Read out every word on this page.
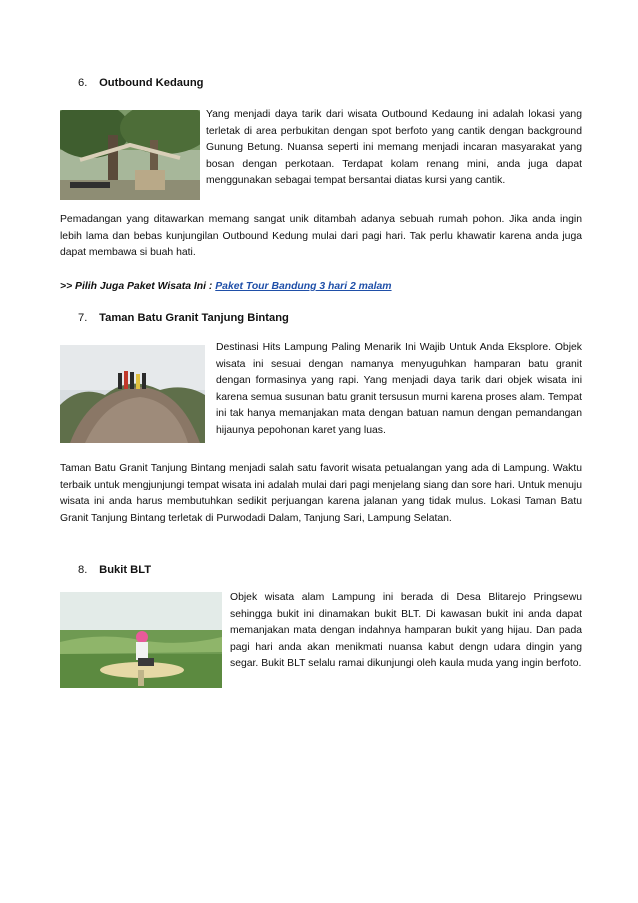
6. Outbound Kedaung
Yang menjadi daya tarik dari wisata Outbound Kedaung ini adalah lokasi yang terletak di area perbukitan dengan spot berfoto yang cantik dengan background Gunung Betung. Nuansa seperti ini memang menjadi incaran masyarakat yang bosan dengan perkotaan. Terdapat kolam renang mini, anda juga dapat menggunakan sebagai tempat bersantai diatas kursi yang cantik.
Pemadangan yang ditawarkan memang sangat unik ditambah adanya sebuah rumah pohon. Jika anda ingin lebih lama dan bebas kunjungilan Outbound Kedung mulai dari pagi hari. Tak perlu khawatir karena anda juga dapat membawa si buah hati.
>> Pilih Juga Paket Wisata Ini : Paket Tour Bandung 3 hari 2 malam
7. Taman Batu Granit Tanjung Bintang
Destinasi Hits Lampung Paling Menarik Ini Wajib Untuk Anda Eksplore. Objek wisata ini sesuai dengan namanya menyuguhkan hamparan batu granit dengan formasinya yang rapi. Yang menjadi daya tarik dari objek wisata ini karena semua susunan batu granit tersusun murni karena proses alam. Tempat ini tak hanya memanjakan mata dengan batuan namun dengan pemandangan hijaunya pepohonan karet yang luas.
Taman Batu Granit Tanjung Bintang menjadi salah satu favorit wisata petualangan yang ada di Lampung. Waktu terbaik untuk mengjunjungi tempat wisata ini adalah mulai dari pagi menjelang siang dan sore hari. Untuk menuju wisata ini anda harus membutuhkan sedikit perjuangan karena jalanan yang tidak mulus. Lokasi Taman Batu Granit Tanjung Bintang terletak di Purwodadi Dalam, Tanjung Sari, Lampung Selatan.
8. Bukit BLT
Objek wisata alam Lampung ini berada di Desa Blitarejo Pringsewu sehingga bukit ini dinamakan bukit BLT. Di kawasan bukit ini anda dapat memanjakan mata dengan indahnya hamparan bukit yang hijau. Dan pada pagi hari anda akan menikmati nuansa kabut dengn udara dingin yang segar. Bukit BLT selalu ramai dikunjungi oleh kaula muda yang ingin berfoto.
